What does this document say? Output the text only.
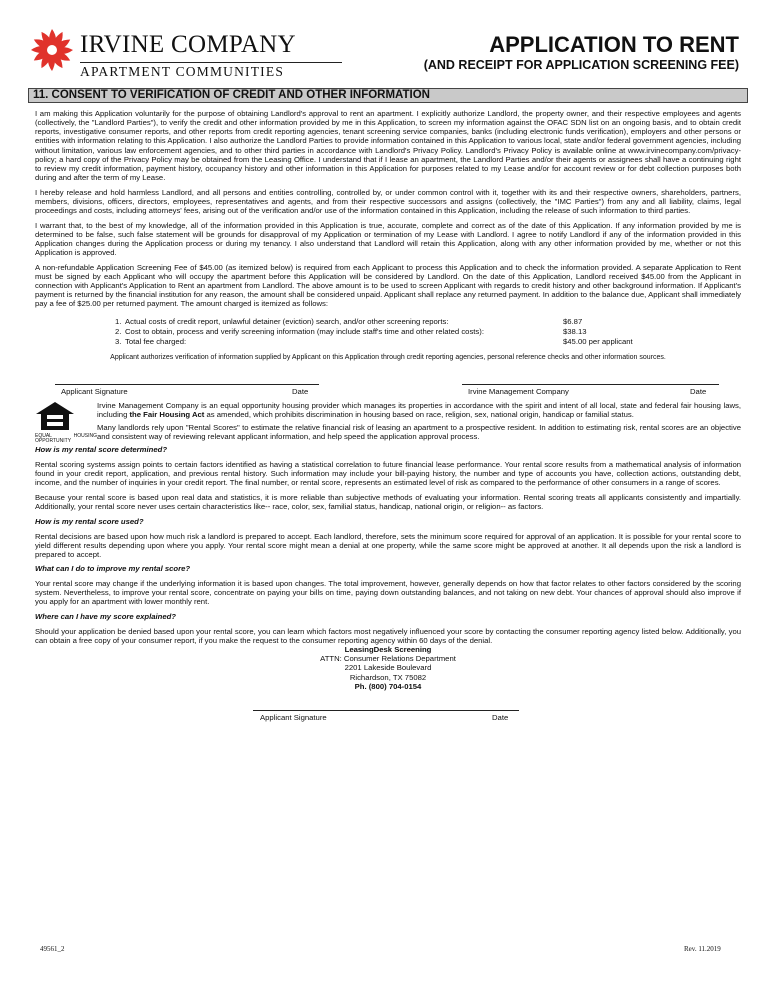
IRVINE COMPANY
APARTMENT COMMUNITIES
APPLICATION TO RENT
(AND RECEIPT FOR APPLICATION SCREENING FEE)
11. CONSENT TO VERIFICATION OF CREDIT AND OTHER INFORMATION

I am making this Application voluntarily for the purpose of obtaining Landlord's approval to rent an apartment. I explicitly authorize Landlord, the property owner, and their respective employees and agents (collectively, the "Landlord Parties"), to verify the credit and other information provided by me in this Application, to screen my information against the OFAC SDN list on an ongoing basis, and to obtain credit reports, investigative consumer reports, and other reports from credit reporting agencies, tenant screening service companies, banks (including electronic funds verification), employers and other persons or entities with information relating to this Application. I also authorize the Landlord Parties to provide information contained in this Application to various local, state and/or federal government agencies, including without limitation, various law enforcement agencies, and to other third parties in accordance with Landlord's Privacy Policy. Landlord's Privacy Policy is available online at www.irvinecompany.com/privacy-policy; a hard copy of the Privacy Policy may be obtained from the Leasing Office. I understand that if I lease an apartment, the Landlord Parties and/or their agents or assignees shall have a continuing right to review my credit information, payment history, occupancy history and other information in this Application for purposes related to my Lease and/or for account review or for debt collection purposes both during and after the term of my Lease.

I hereby release and hold harmless Landlord, and all persons and entities controlling, controlled by, or under common control with it, together with its and their respective owners, shareholders, partners, members, divisions, officers, directors, employees, representatives and agents, and from their respective successors and assigns (collectively, the "IMC Parties") from any and all liability, claims, legal proceedings and costs, including attorneys' fees, arising out of the verification and/or use of the information contained in this Application, including the release of such information to third parties.

I warrant that, to the best of my knowledge, all of the information provided in this Application is true, accurate, complete and correct as of the date of this Application. If any information provided by me is determined to be false, such false statement will be grounds for disapproval of my Application or termination of my Lease with Landlord. I agree to notify Landlord if any of the information provided in this Application changes during the Application process or during my tenancy. I also understand that Landlord will retain this Application, along with any other information provided by me, whether or not this Application is approved.

A non-refundable Application Screening Fee of $45.00 (as itemized below) is required from each Applicant to process this Application and to check the information provided. A separate Application to Rent must be signed by each Applicant who will occupy the apartment before this Application will be considered by Landlord. On the date of this Application, Landlord received $45.00 from the Applicant in connection with Applicant's Application to Rent an apartment from Landlord. The above amount is to be used to screen Applicant with regards to credit history and other background information. If Applicant's payment is returned by the financial institution for any reason, the amount shall be considered unpaid. Applicant shall replace any returned payment. In addition to the balance due, Applicant shall immediately pay a fee of $25.00 per returned payment. The amount charged is itemized as follows:

1. Actual costs of credit report, unlawful detainer (eviction) search, and/or other screening reports:	$6.87
2. Cost to obtain, process and verify screening information (may include staff's time and other related costs):	$38.13
3. Total fee charged:	$45.00 per applicant
Applicant authorizes verification of information supplied by Applicant on this Application through credit reporting agencies, personal reference checks and other information sources.
Applicant Signature	Date	Irvine Management Company	Date
EQUAL HOUSING OPPORTUNITY

Irvine Management Company is an equal opportunity housing provider which manages its properties in accordance with the spirit and intent of all local, state and federal fair housing laws, including the Fair Housing Act as amended, which prohibits discrimination in housing based on race, religion, sex, national origin, handicap or familial status.

Many landlords rely upon "Rental Scores" to estimate the relative financial risk of leasing an apartment to a prospective resident. In addition to estimating risk, rental scores are an objective and consistent way of reviewing relevant applicant information, and help speed the application approval process.

How is my rental score determined?

Rental scoring systems assign points to certain factors identified as having a statistical correlation to future financial lease performance. Your rental score results from a mathematical analysis of information found in your credit report, application, and previous rental history. Such information may include your bill-paying history, the number and type of accounts you have, collection actions, outstanding debt, income, and the number of inquiries in your credit report. The final number, or rental score, represents an estimated level of risk as compared to the performance of other consumers in a range of scores.

Because your rental score is based upon real data and statistics, it is more reliable than subjective methods of evaluating your information. Rental scoring treats all applicants consistently and impartially. Additionally, your rental score never uses certain characteristics like-- race, color, sex, familial status, handicap, national origin, or religion-- as factors.

How is my rental score used?

Rental decisions are based upon how much risk a landlord is prepared to accept. Each landlord, therefore, sets the minimum score required for approval of an application. It is possible for your rental score to yield different results depending upon where you apply. Your rental score might mean a denial at one property, while the same score might be approved at another. It all depends upon the risk a landlord is prepared to accept.

What can I do to improve my rental score?

Your rental score may change if the underlying information it is based upon changes. The total improvement, however, generally depends on how that factor relates to other factors considered by the scoring system. Nevertheless, to improve your rental score, concentrate on paying your bills on time, paying down outstanding balances, and not taking on new debt. Your chances of approval should also improve if you apply for an apartment with lower monthly rent.

Where can I have my score explained?

Should your application be denied based upon your rental score, you can learn which factors most negatively influenced your score by contacting the consumer reporting agency listed below. Additionally, you can obtain a free copy of your consumer report, if you make the request to the consumer reporting agency within 60 days of the denial.

LeasingDesk Screening
ATTN: Consumer Relations Department
2201 Lakeside Boulevard
Richardson, TX 75082
Ph. (800) 704-0154
Applicant Signature	Date
49561_2	Rev. 11.2019
